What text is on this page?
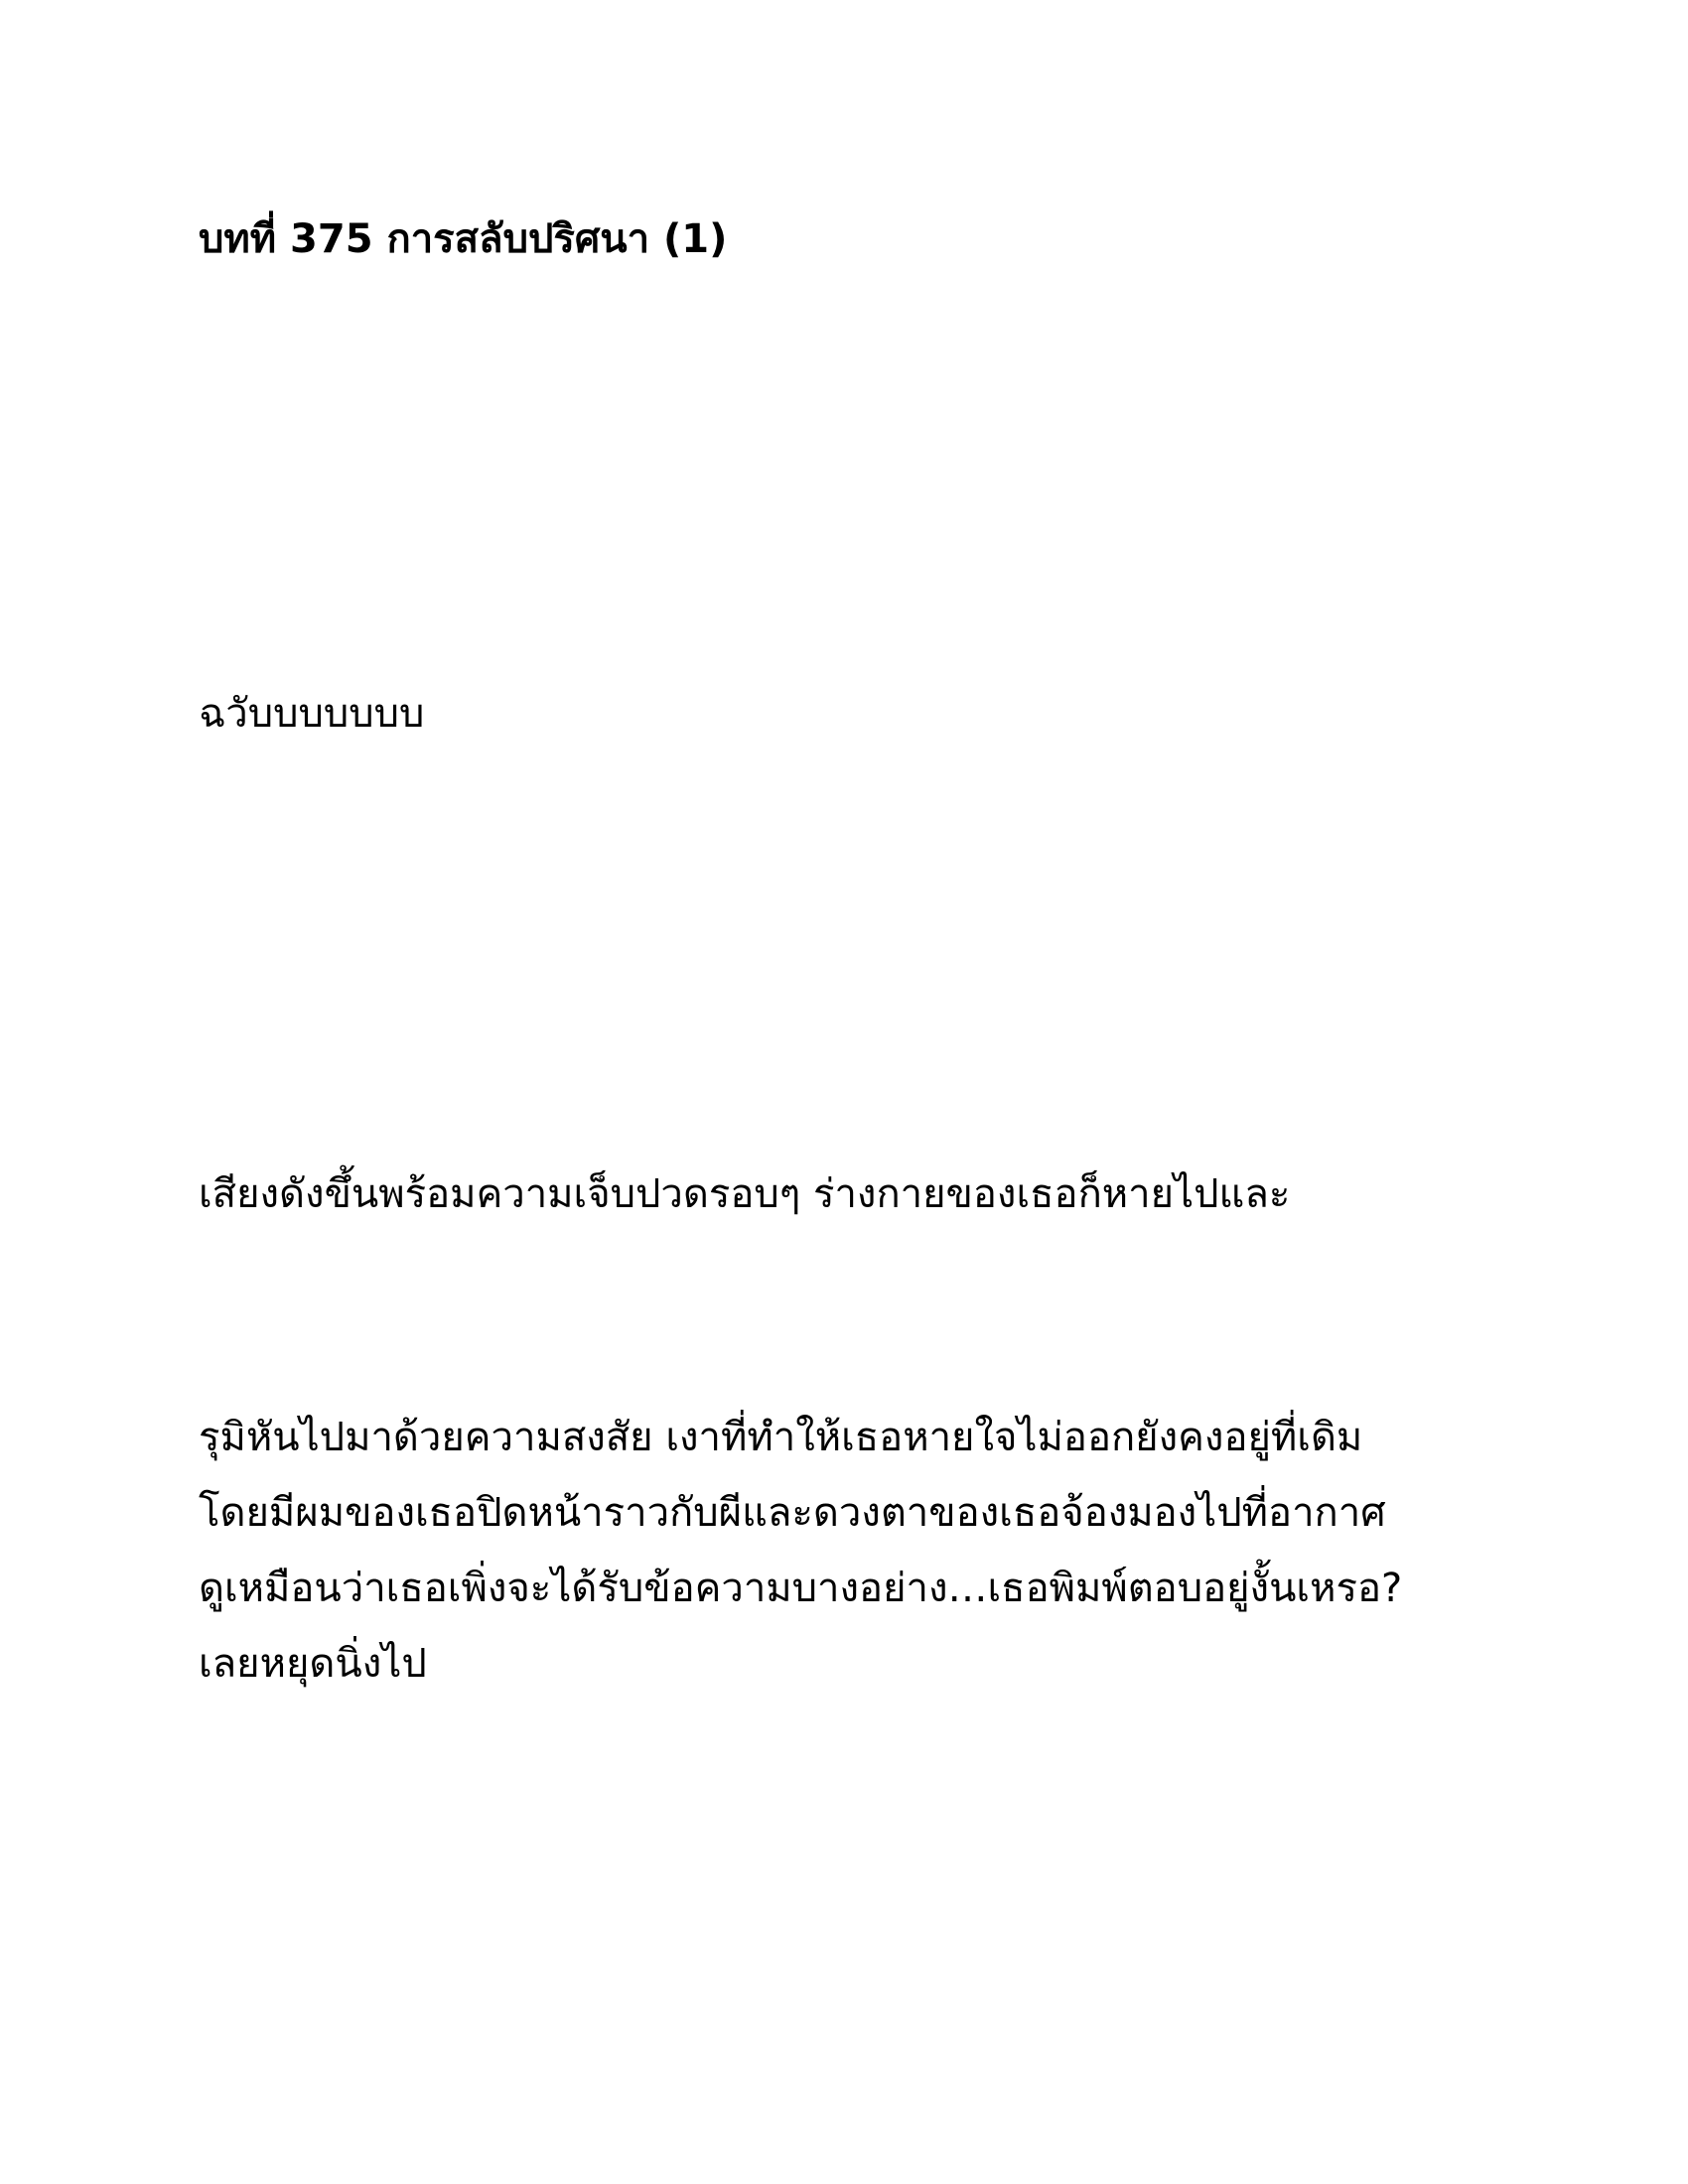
บทที่ 375 การสลับปริศนา (1)
ฉวับบบบบบบ
เสียงดังขึ้นพร้อมความเจ็บปวดรอบๆ ร่างกายของเธอก็หายไปและ
รุมิหันไปมาด้วยความสงสัย เงาที่ทำให้เธอหายใจไม่ออกยังคงอยู่ที่เดิม
โดยมีผมของเธอปิดหน้าราวกับผีและดวงตาของเธอจ้องมองไปที่อากาศ
ดูเหมือนว่าเธอเพิ่งจะได้รับข้อความบางอย่าง…เธอพิมพ์ตอบอยู่งั้นเหรอ?
เลยหยุดนิ่งไป
